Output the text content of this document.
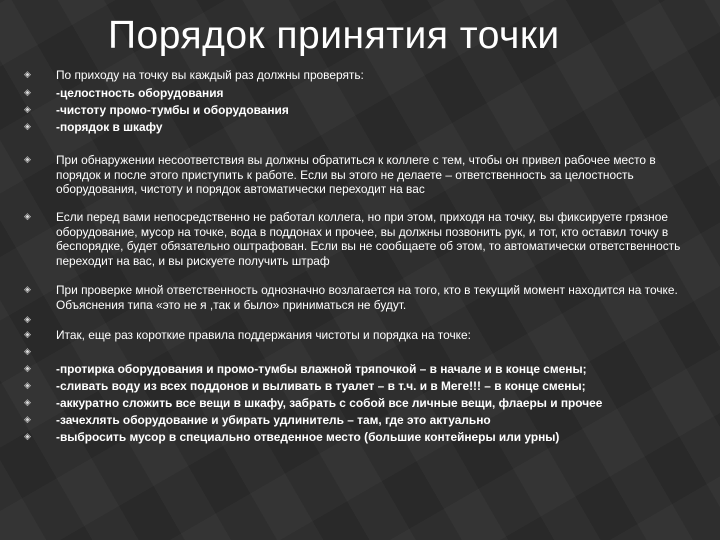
Порядок принятия точки
◈ По приходу на точку вы каждый раз должны проверять:
◈ -целостность оборудования
◈ -чистоту промо-тумбы и оборудования
◈ -порядок в шкафу
◈ При обнаружении несоответствия вы должны обратиться к коллеге с тем, чтобы он привел рабочее место в порядок и после этого приступить к работе. Если вы этого не делаете – ответственность за целостность оборудования, чистоту и порядок автоматически переходит на вас
◈ Если перед вами непосредственно не работал коллега, но при этом, приходя на точку, вы фиксируете грязное оборудование, мусор на точке, вода в поддонах и прочее, вы должны позвонить рук, и тот, кто оставил точку в беспорядке, будет обязательно оштрафован. Если вы не сообщаете об этом, то автоматически ответственность переходит на вас, и вы рискуете получить штраф
◈ При проверке мной ответственность однозначно возлагается на того, кто в текущий момент находится на точке. Объяснения типа «это не я ,так и было» приниматься не будут.
◈
◈ Итак, еще раз короткие правила поддержания чистоты и порядка на точке:
◈
◈ -протирка оборудования и промо-тумбы влажной тряпочкой – в начале и в конце смены;
◈ -сливать воду из всех поддонов и выливать в туалет – в т.ч. и в Меге!!! – в конце смены;
◈ -аккуратно сложить все вещи в шкафу, забрать с собой все личные вещи, флаеры и прочее
◈ -зачехлять оборудование и убирать удлинитель – там, где это актуально
◈ -выбросить мусор в специально отведенное место (большие контейнеры или урны)
